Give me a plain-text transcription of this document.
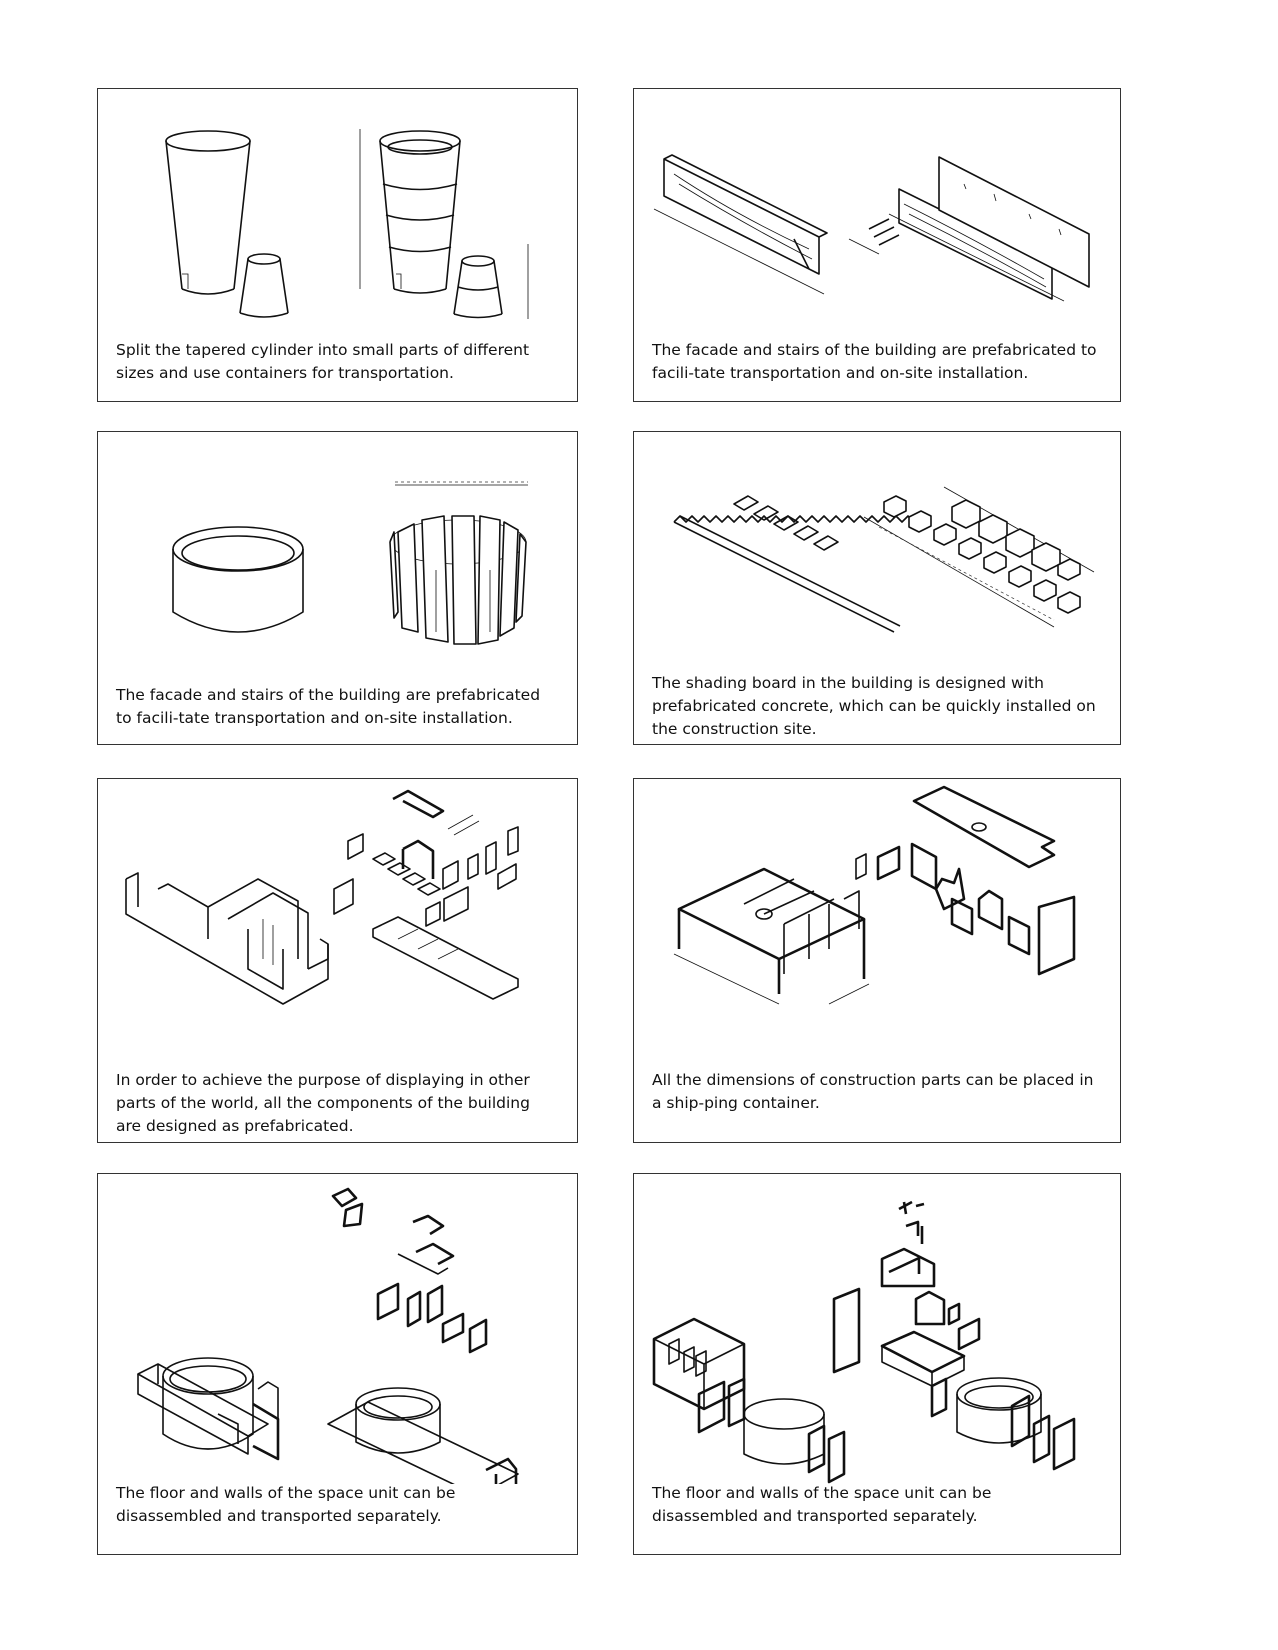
Split the tapered cylinder into small parts of different sizes and use containers for transportation.
The facade and stairs of the building are prefabricated to facili-tate transportation and on-site installation.
The facade and stairs of the building are prefabricated to facili-tate transportation and on-site installation.
The shading board in the building is designed with prefabricated concrete, which can be quickly installed on the construction site.
In order to achieve the purpose of displaying in other parts of the world, all the components of the building are designed as prefabricated.
All the dimensions of construction parts can be placed in a ship-ping container.
The floor and walls of the space unit can be disassembled and transported separately.
The floor and walls of the space unit can be disassembled and transported separately.
